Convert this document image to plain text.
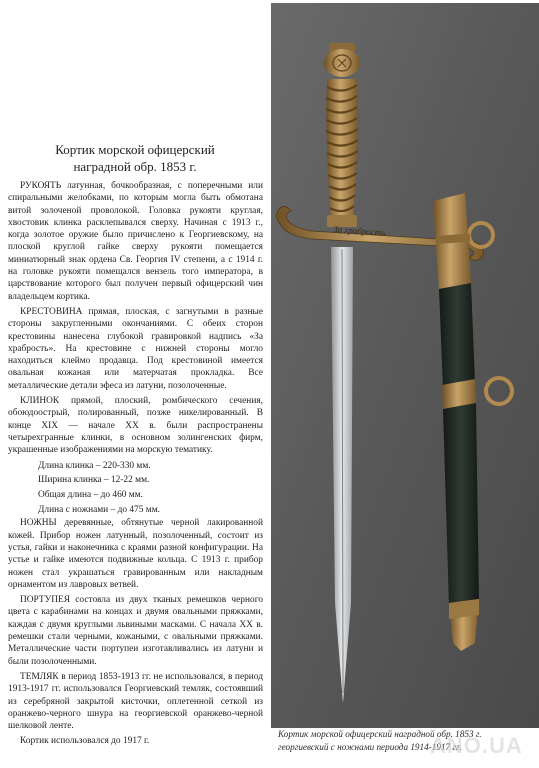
Кортик морской офицерский
наградной обр. 1853 г.

РУКОЯТЬ латунная, бочкообразная, с поперечными или спиральными желобками, по которым могла быть обмотана витой золоченой проволокой. Головка рукояти круглая, хвостовик клинка расклепывался сверху. Начиная с 1913 г., когда золотое оружие было причислено к Георгиевскому, на плоской круглой гайке сверху рукояти помещается миниатюрный знак ордена Св. Георгия IV степени, а с 1914 г. на головке рукояти помещался вензель того императора, в царствование которого был получен первый офицерский чин владельцем кортика.

КРЕСТОВИНА прямая, плоская, с загнутыми в разные стороны закругленными окончаниями. С обеих сторон крестовины нанесена глубокой гравировкой надпись «За храбрость». На крестовине с нижней стороны могло находиться клеймо продавца. Под крестовиной имеется овальная кожаная или матерчатая прокладка. Все металлические детали эфеса из латуни, позолоченные.

КЛИНОК прямой, плоский, ромбического сечения, обоюдоострый, полированный, позже никелированный. В конце XIX — начале XX в. были распространены четырехгранные клинки, в основном золингенских фирм, украшенные изображениями на морскую тематику.

Длина клинка – 220-330 мм.
Ширина клинка – 12-22 мм.
Общая длина – до 460 мм.
Длина с ножнами – до 475 мм.

НОЖНЫ деревянные, обтянутые черной лакированной кожей. Прибор ножен латунный, позолоченный, состоит из устья, гайки и наконечника с краями разной конфигурации. На устье и гайке имеются подвижные кольца. С 1913 г. прибор ножен стал украшаться гравированным или накладным орнаментом из лавровых ветвей.

ПОРТУПЕЯ состояла из двух тканых ремешков черного цвета с карабинами на концах и двумя овальными пряжками, каждая с двумя круглыми львиными масками. С начала XX в. ремешки стали черными, кожаными, с овальными пряжками. Металлические части портупеи изготавливались из латуни и были позолоченными.

ТЕМЛЯК в период 1853-1913 гг. не использовался, в период 1913-1917 гг. использовался Георгиевский темляк, состоявший из серебряной закрытой кисточки, оплетенной сеткой из оранжево-черного шнура на георгиевской оранжево-черной шелковой ленте.

Кортик использовался до 1917 г.

За храбрость
Кортик морской офицерский наградной обр. 1853 г.
георгиевский с ножнами периода 1914-1917 гг.
ANO.UA
